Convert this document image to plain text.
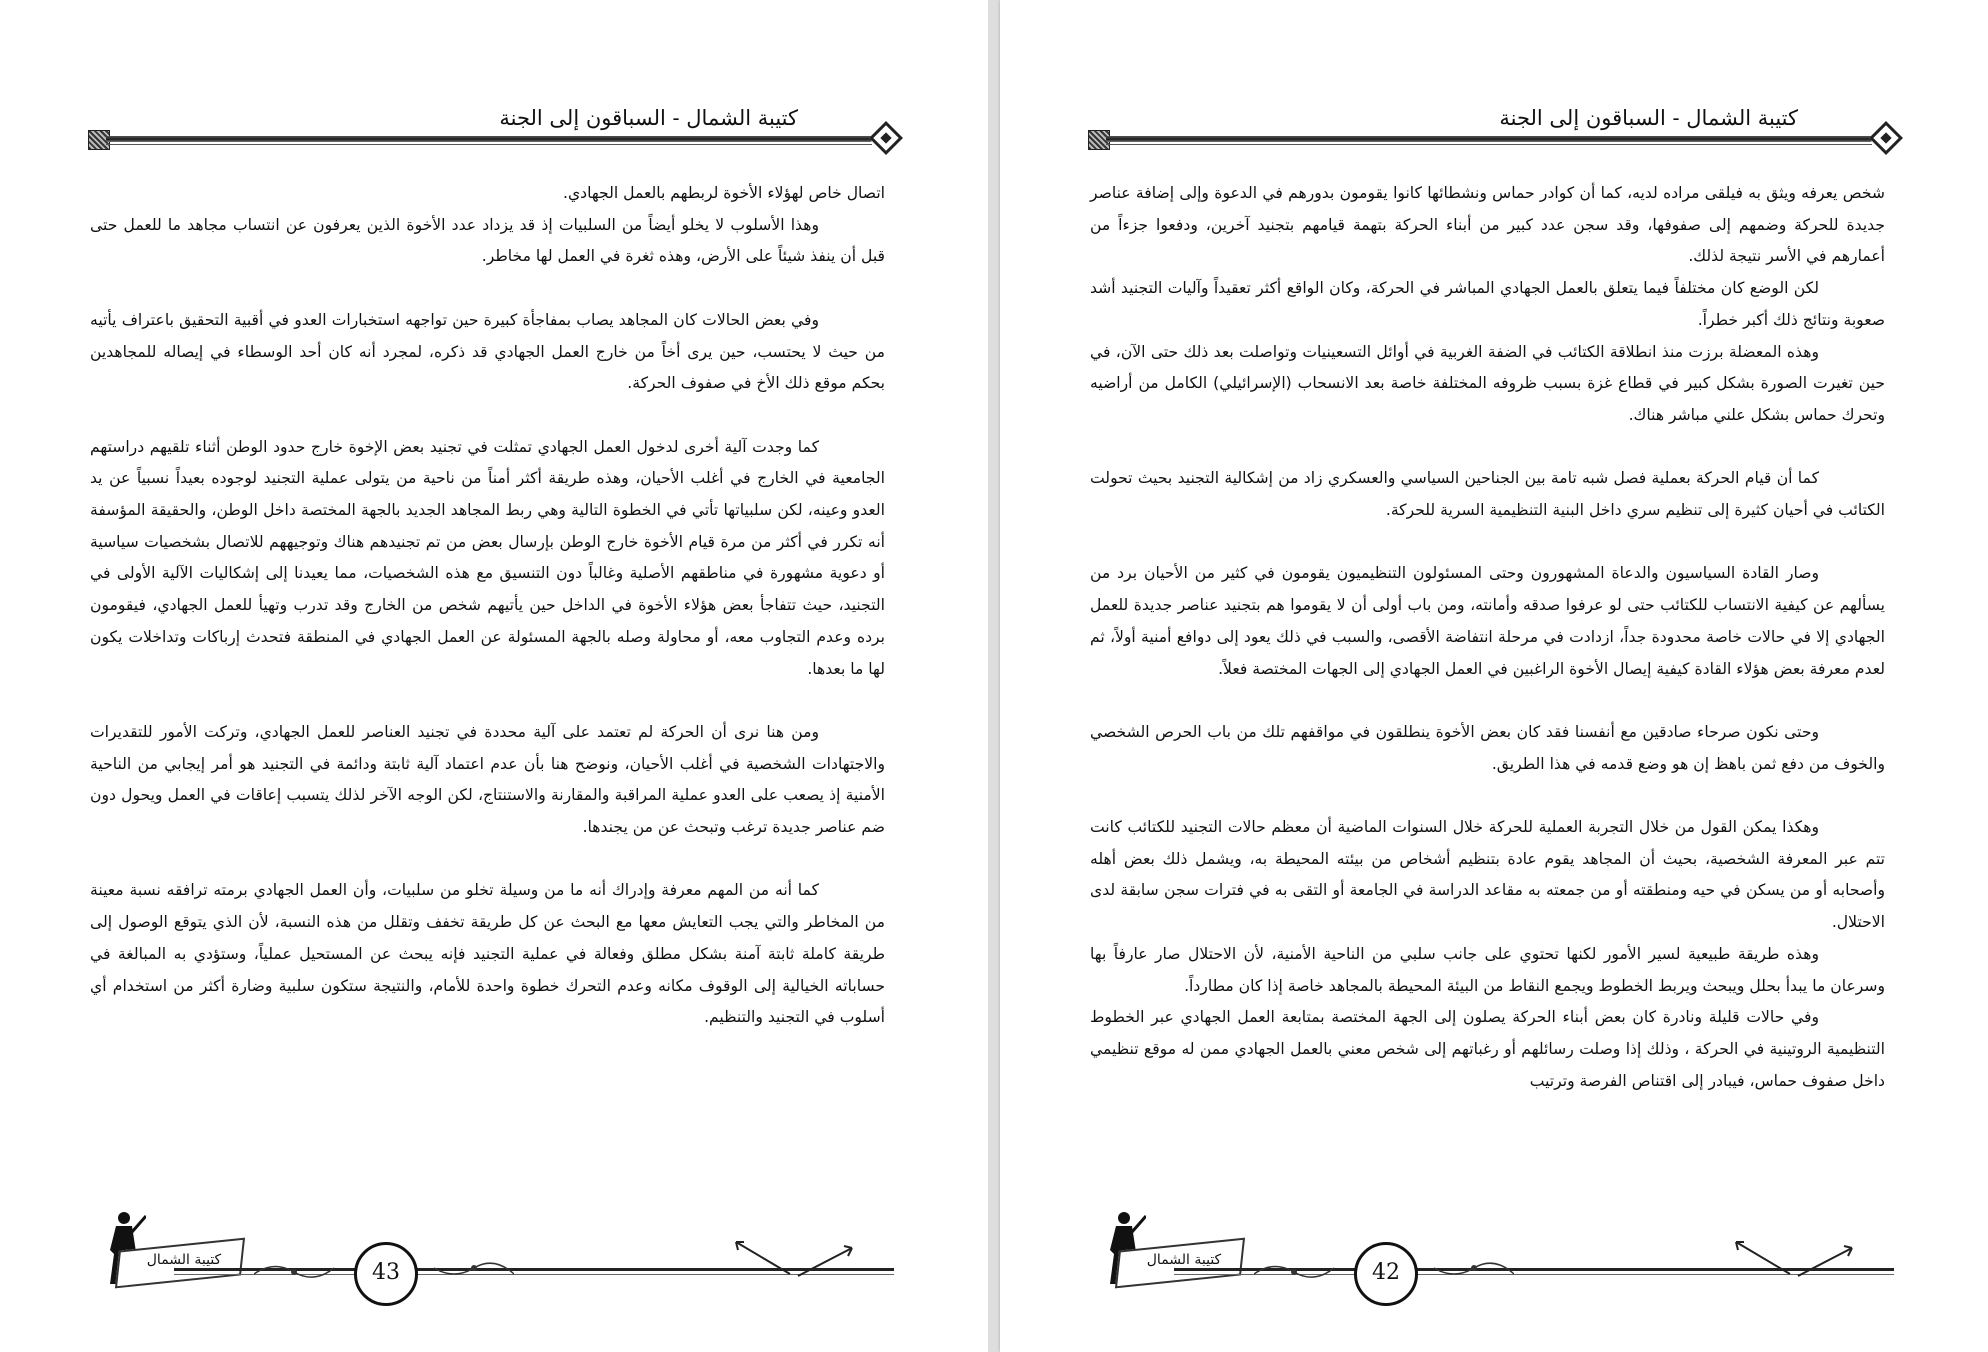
كتيبة الشمال - السباقون إلى الجنة

اتصال خاص لهؤلاء الأخوة لربطهم بالعمل الجهادي.

وهذا الأسلوب لا يخلو أيضاً من السلبيات إذ قد يزداد عدد الأخوة الذين يعرفون عن انتساب مجاهد ما للعمل حتى قبل أن ينفذ شيئاً على الأرض، وهذه ثغرة في العمل لها مخاطر.

وفي بعض الحالات كان المجاهد يصاب بمفاجأة كبيرة حين تواجهه استخبارات العدو في أقبية التحقيق باعتراف يأتيه من حيث لا يحتسب، حين يرى أخاً من خارج العمل الجهادي قد ذكره، لمجرد أنه كان أحد الوسطاء في إيصاله للمجاهدين بحكم موقع ذلك الأخ في صفوف الحركة.

كما وجدت آلية أخرى لدخول العمل الجهادي تمثلت في تجنيد بعض الإخوة خارج حدود الوطن أثناء تلقيهم دراستهم الجامعية في الخارج في أغلب الأحيان، وهذه طريقة أكثر أمناً من ناحية من يتولى عملية التجنيد لوجوده بعيداً نسبياً عن يد العدو وعينه، لكن سلبياتها تأتي في الخطوة التالية وهي ربط المجاهد الجديد بالجهة المختصة داخل الوطن، والحقيقة المؤسفة أنه تكرر في أكثر من مرة قيام الأخوة خارج الوطن بإرسال بعض من تم تجنيدهم هناك وتوجيههم للاتصال بشخصيات سياسية أو دعوية مشهورة في مناطقهم الأصلية وغالباً دون التنسيق مع هذه الشخصيات، مما يعيدنا إلى إشكاليات الآلية الأولى في التجنيد، حيث تتفاجأ بعض هؤلاء الأخوة في الداخل حين يأتيهم شخص من الخارج وقد تدرب وتهيأ للعمل الجهادي، فيقومون برده وعدم التجاوب معه، أو محاولة وصله بالجهة المسئولة عن العمل الجهادي في المنطقة فتحدث إرباكات وتداخلات يكون لها ما بعدها.

ومن هنا نرى أن الحركة لم تعتمد على آلية محددة في تجنيد العناصر للعمل الجهادي، وتركت الأمور للتقديرات والاجتهادات الشخصية في أغلب الأحيان، ونوضح هنا بأن عدم اعتماد آلية ثابتة ودائمة في التجنيد هو أمر إيجابي من الناحية الأمنية إذ يصعب على العدو عملية المراقبة والمقارنة والاستنتاج، لكن الوجه الآخر لذلك يتسبب إعاقات في العمل ويحول دون ضم عناصر جديدة ترغب وتبحث عن من يجندها.

كما أنه من المهم معرفة وإدراك أنه ما من وسيلة تخلو من سلبيات، وأن العمل الجهادي برمته ترافقه نسبة معينة من المخاطر والتي يجب التعايش معها مع البحث عن كل طريقة تخفف وتقلل من هذه النسبة، لأن الذي يتوقع الوصول إلى طريقة كاملة ثابتة آمنة بشكل مطلق وفعالة في عملية التجنيد فإنه يبحث عن المستحيل عملياً، وستؤدي به المبالغة في حساباته الخيالية إلى الوقوف مكانه وعدم التحرك خطوة واحدة للأمام، والنتيجة ستكون سلبية وضارة أكثر من استخدام أي أسلوب في التجنيد والتنظيم.

كتيبة الشمال	43
كتيبة الشمال - السباقون إلى الجنة

شخص يعرفه ويثق به فيلقى مراده لديه، كما أن كوادر حماس ونشطائها كانوا يقومون بدورهم في الدعوة وإلى إضافة عناصر جديدة للحركة وضمهم إلى صفوفها، وقد سجن عدد كبير من أبناء الحركة بتهمة قيامهم بتجنيد آخرين، ودفعوا جزءاً من أعمارهم في الأسر نتيجة لذلك.

لكن الوضع كان مختلفاً فيما يتعلق بالعمل الجهادي المباشر في الحركة، وكان الواقع أكثر تعقيداً وآليات التجنيد أشد صعوبة ونتائج ذلك أكبر خطراً.

وهذه المعضلة برزت منذ انطلاقة الكتائب في الضفة الغربية في أوائل التسعينيات وتواصلت بعد ذلك حتى الآن، في حين تغيرت الصورة بشكل كبير في قطاع غزة بسبب ظروفه المختلفة خاصة بعد الانسحاب (الإسرائيلي) الكامل من أراضيه وتحرك حماس بشكل علني مباشر هناك.

كما أن قيام الحركة بعملية فصل شبه تامة بين الجناحين السياسي والعسكري زاد من إشكالية التجنيد بحيث تحولت الكتائب في أحيان كثيرة إلى تنظيم سري داخل البنية التنظيمية السرية للحركة.

وصار القادة السياسيون والدعاة المشهورون وحتى المسئولون التنظيميون يقومون في كثير من الأحيان برد من يسألهم عن كيفية الانتساب للكتائب حتى لو عرفوا صدقه وأمانته، ومن باب أولى أن لا يقوموا هم بتجنيد عناصر جديدة للعمل الجهادي إلا في حالات خاصة محدودة جداً، ازدادت في مرحلة انتفاضة الأقصى، والسبب في ذلك يعود إلى دوافع أمنية أولاً، ثم لعدم معرفة بعض هؤلاء القادة كيفية إيصال الأخوة الراغبين في العمل الجهادي إلى الجهات المختصة فعلاً.

وحتى نكون صرحاء صادقين مع أنفسنا فقد كان بعض الأخوة ينطلقون في مواقفهم تلك من باب الحرص الشخصي والخوف من دفع ثمن باهظ إن هو وضع قدمه في هذا الطريق.

وهكذا يمكن القول من خلال التجربة العملية للحركة خلال السنوات الماضية أن معظم حالات التجنيد للكتائب كانت تتم عبر المعرفة الشخصية، بحيث أن المجاهد يقوم عادة بتنظيم أشخاص من بيئته المحيطة به، ويشمل ذلك بعض أهله وأصحابه أو من يسكن في حيه ومنطقته أو من جمعته به مقاعد الدراسة في الجامعة أو التقى به في فترات سجن سابقة لدى الاحتلال.

وهذه طريقة طبيعية لسير الأمور لكنها تحتوي على جانب سلبي من الناحية الأمنية، لأن الاحتلال صار عارفاً بها وسرعان ما يبدأ بحلل ويبحث ويربط الخطوط ويجمع النقاط من البيئة المحيطة بالمجاهد خاصة إذا كان مطارداً.

وفي حالات قليلة ونادرة كان بعض أبناء الحركة يصلون إلى الجهة المختصة بمتابعة العمل الجهادي عبر الخطوط التنظيمية الروتينية في الحركة ، وذلك إذا وصلت رسائلهم أو رغباتهم إلى شخص معني بالعمل الجهادي ممن له موقع تنظيمي داخل صفوف حماس، فيبادر إلى اقتناص الفرصة وترتيب

كتيبة الشمال	42
